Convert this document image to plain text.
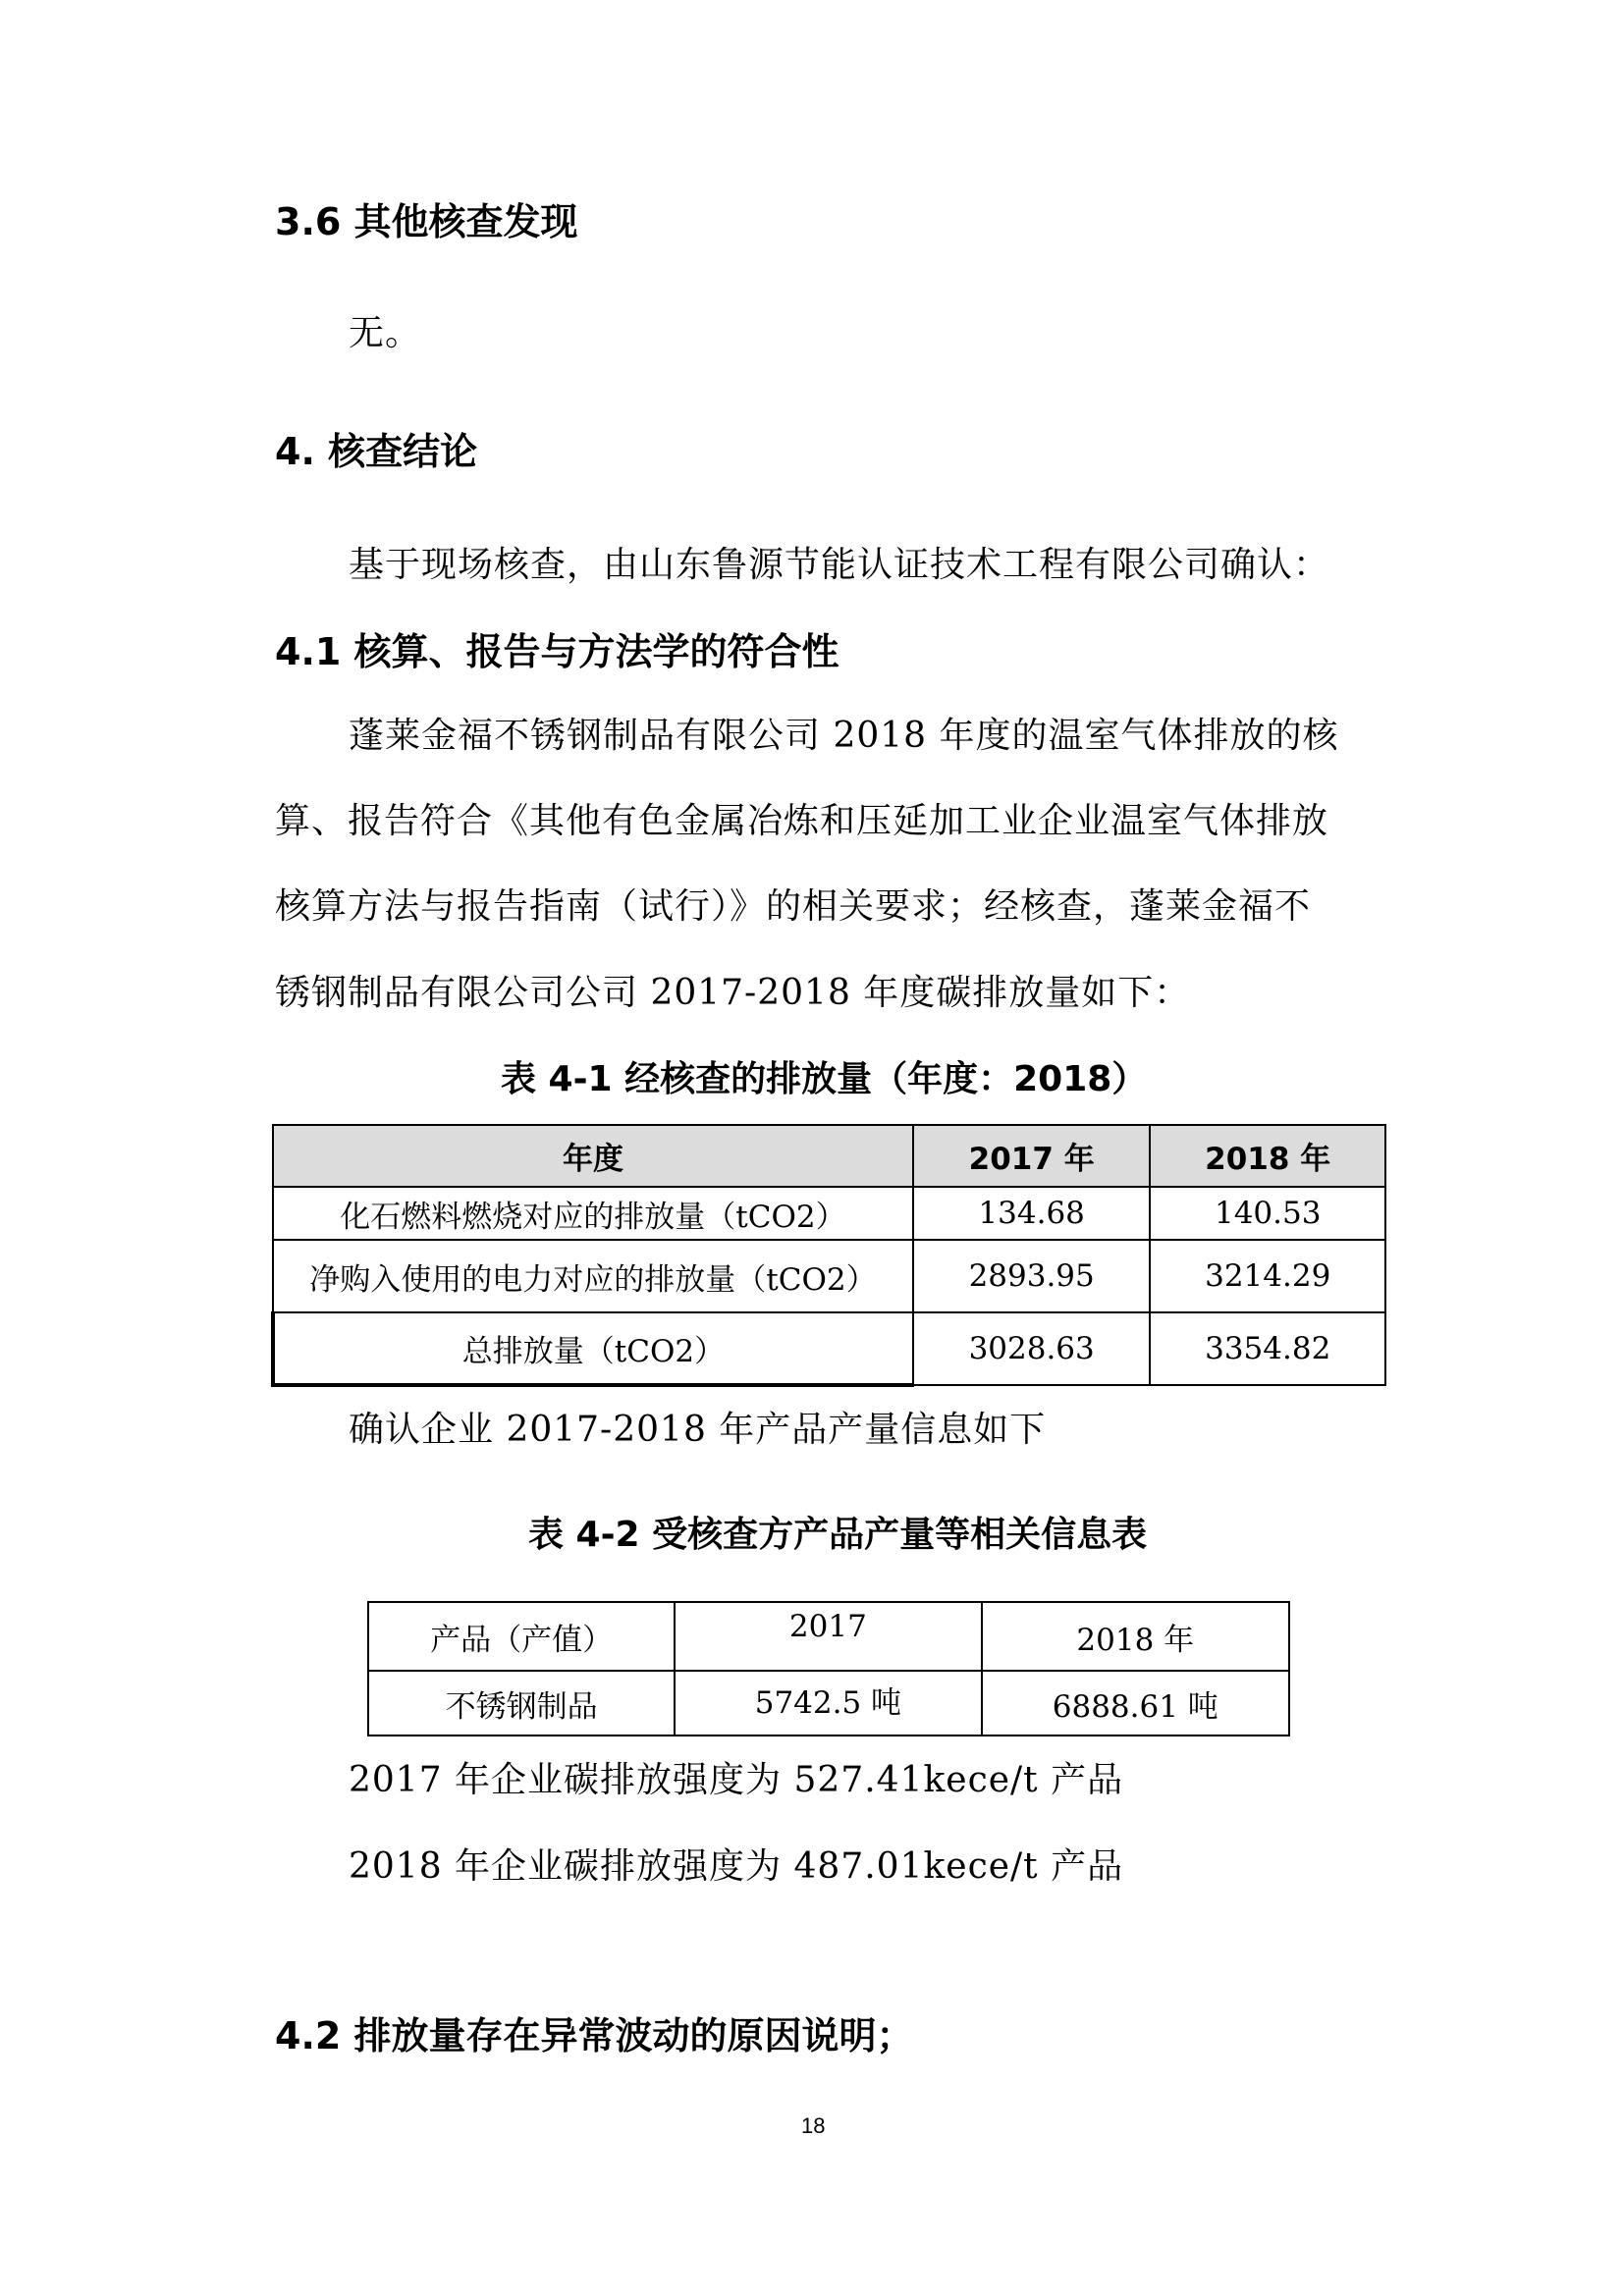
3.6 其他核查发现

无。

4. 核查结论

基于现场核查，由山东鲁源节能认证技术工程有限公司确认：

4.1 核算、报告与方法学的符合性

蓬莱金福不锈钢制品有限公司 2018 年度的温室气体排放的核

算、报告符合《其他有色金属冶炼和压延加工业企业温室气体排放

核算方法与报告指南（试行）》的相关要求；经核查，蓬莱金福不

锈钢制品有限公司公司 2017-2018 年度碳排放量如下：

表 4-1 经核查的排放量（年度：2018）

年度	2017 年	2018 年
化石燃料燃烧对应的排放量（tCO2）	134.68	140.53
净购入使用的电力对应的排放量（tCO2）	2893.95	3214.29
总排放量（tCO2）	3028.63	3354.82

确认企业 2017-2018 年产品产量信息如下

表 4-2 受核查方产品产量等相关信息表

产品（产值）	2017	2018 年
不锈钢制品	5742.5 吨	6888.61 吨

2017 年企业碳排放强度为 527.41kece/t 产品

2018 年企业碳排放强度为 487.01kece/t 产品

4.2 排放量存在异常波动的原因说明；
18
